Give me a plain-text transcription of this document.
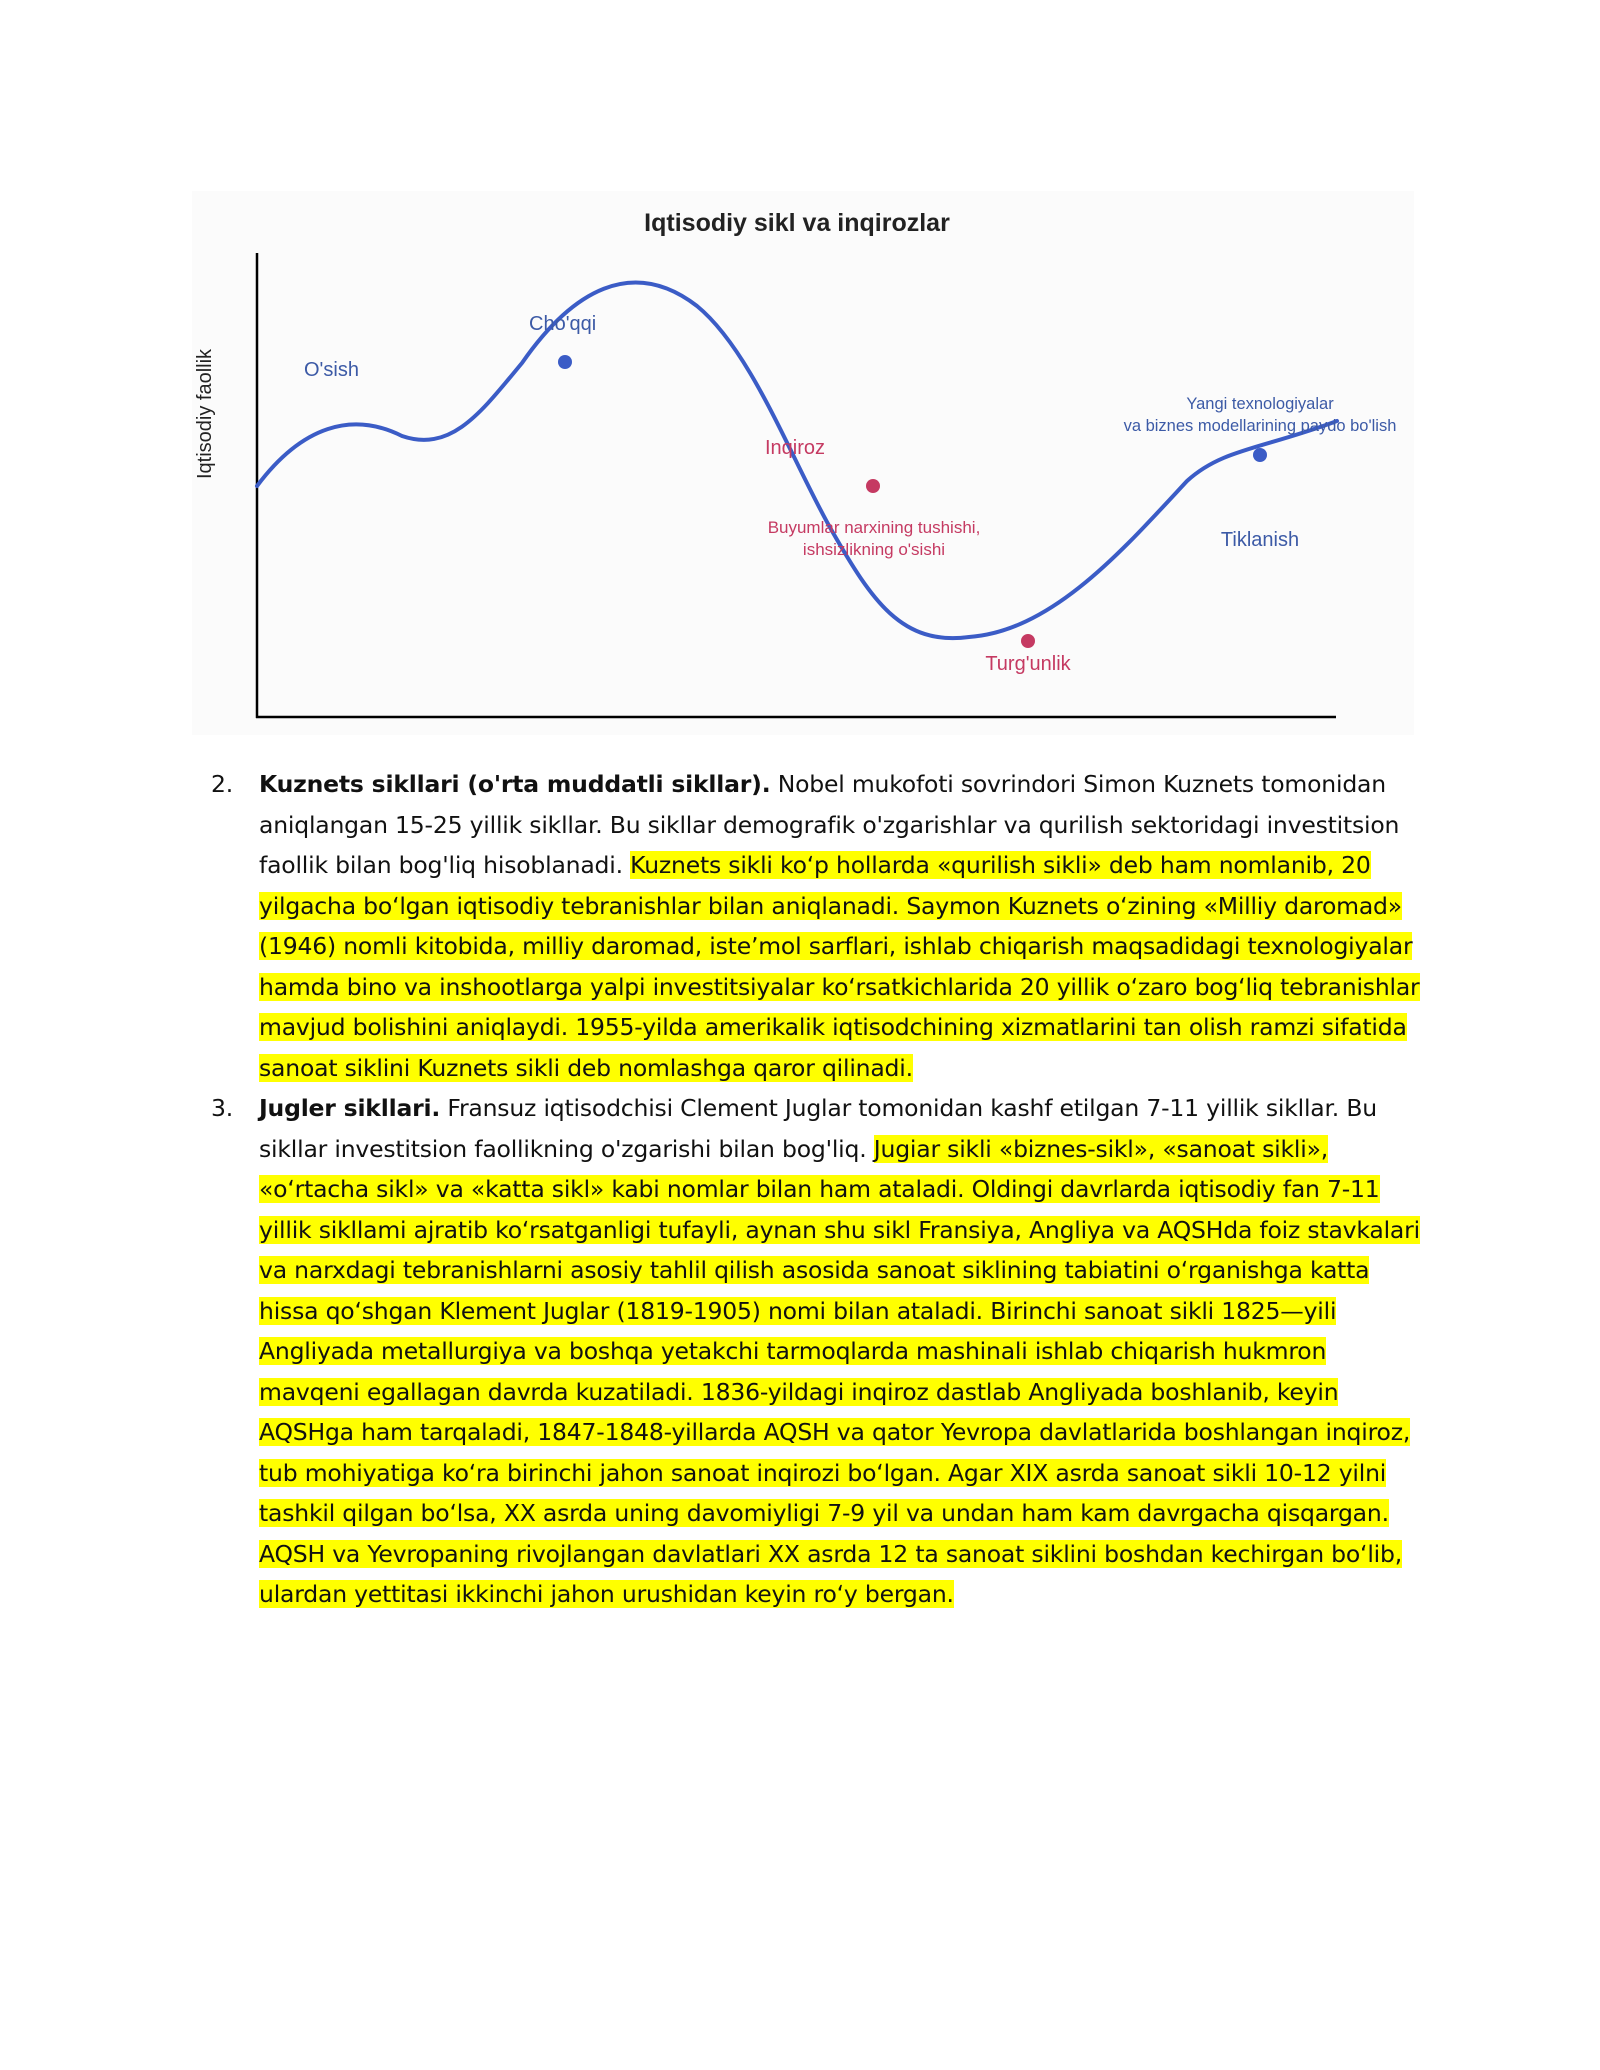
Iqtisodiy sikl va inqirozlar
Iqtisodiy faollik	O'sish
Cho'qqi
Inqiroz
Buyumlar narxining tushishi,
ishsizlikning o'sishi
Turg'unlik
Tiklanish
Yangi texnologiyalar
va biznes modellarining paydo bo'lish
2. Kuznets sikllari (o'rta muddatli sikllar). Nobel mukofoti sovrindori Simon Kuznets tomonidan aniqlangan 15-25 yillik sikllar. Bu sikllar demografik o'zgarishlar va qurilish sektoridagi investitsion faollik bilan bog'liq hisoblanadi. Kuznets sikli koʻp hollarda «qurilish sikli» deb ham nomlanib, 20 yilgacha boʻlgan iqtisodiy tebranishlar bilan aniqlanadi. Saymon Kuznets oʻzining «Milliy daromad» (1946) nomli kitobida, milliy daromad, isteʼmol sarflari, ishlab chiqarish maqsadidagi texnologiyalar hamda bino va inshootlarga yalpi investitsiyalar koʻrsatkichlarida 20 yillik oʻzaro bogʻliq tebranishlar mavjud bolishini aniqlaydi. 1955-yilda amerikalik iqtisodchining xizmatlarini tan olish ramzi sifatida sanoat siklini Kuznets sikli deb nomlashga qaror qilinadi.
3. Jugler sikllari. Fransuz iqtisodchisi Clement Juglar tomonidan kashf etilgan 7-11 yillik sikllar. Bu sikllar investitsion faollikning o'zgarishi bilan bog'liq. Jugiar sikli «biznes-sikl», «sanoat sikli», «oʻrtacha sikl» va «katta sikl» kabi nomlar bilan ham ataladi. Oldingi davrlarda iqtisodiy fan 7-11 yillik sikllami ajratib koʻrsatganligi tufayli, aynan shu sikl Fransiya, Angliya va AQSHda foiz stavkalari va narxdagi tebranishlarni asosiy tahlil qilish asosida sanoat siklining tabiatini oʻrganishga katta hissa qoʻshgan Klement Juglar (1819-1905) nomi bilan ataladi. Birinchi sanoat sikli 1825—yili Angliyada metallurgiya va boshqa yetakchi tarmoqlarda mashinali ishlab chiqarish hukmron mavqeni egallagan davrda kuzatiladi. 1836-yildagi inqiroz dastlab Angliyada boshlanib, keyin AQSHga ham tarqaladi, 1847-1848-yillarda AQSH va qator Yevropa davlatlarida boshlangan inqiroz, tub mohiyatiga koʻra birinchi jahon sanoat inqirozi boʻlgan. Agar XIX asrda sanoat sikli 10-12 yilni tashkil qilgan boʻlsa, XX asrda uning davomiyligi 7-9 yil va undan ham kam davrgacha qisqargan. AQSH va Yevropaning rivojlangan davlatlari XX asrda 12 ta sanoat siklini boshdan kechirgan boʻlib, ulardan yettitasi ikkinchi jahon urushidan keyin roʻy bergan.
